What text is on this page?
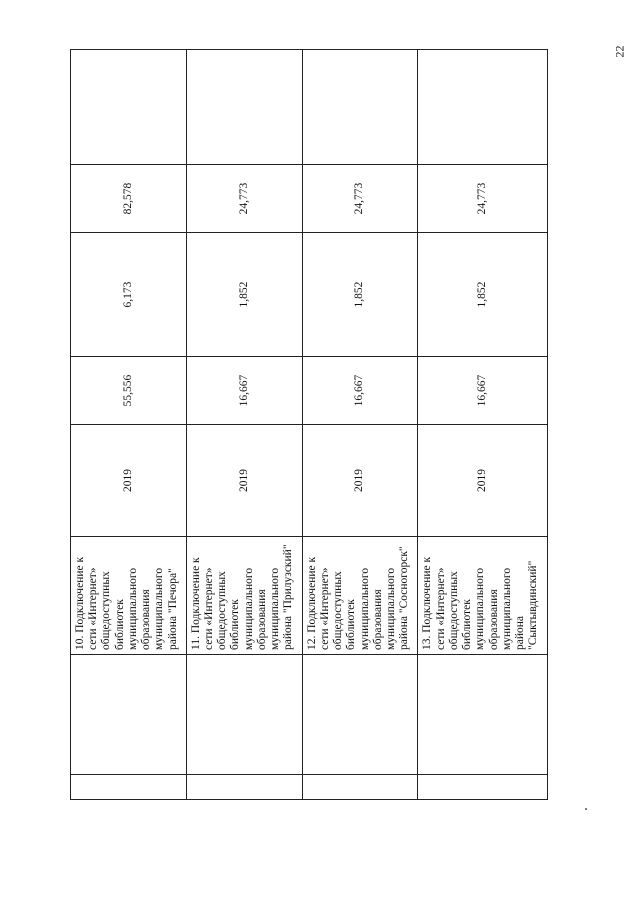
22

		10. Подключение к сети «Интернет» общедоступных библиотек муниципального образования муниципального района "Печора"	2019	55,556	6,173	82,578	

		11. Подключение к сети «Интернет» общедоступных библиотек муниципального образования муниципального района "Прилузский"	2019	16,667	1,852	24,773	

		12. Подключение к сети «Интернет» общедоступных библиотек муниципального образования муниципального района "Сосногорск"	2019	16,667	1,852	24,773	

		13. Подключение к сети «Интернет» общедоступных библиотек муниципального образования муниципального района "Сыктывдинский"	2019	16,667	1,852	24,773	
